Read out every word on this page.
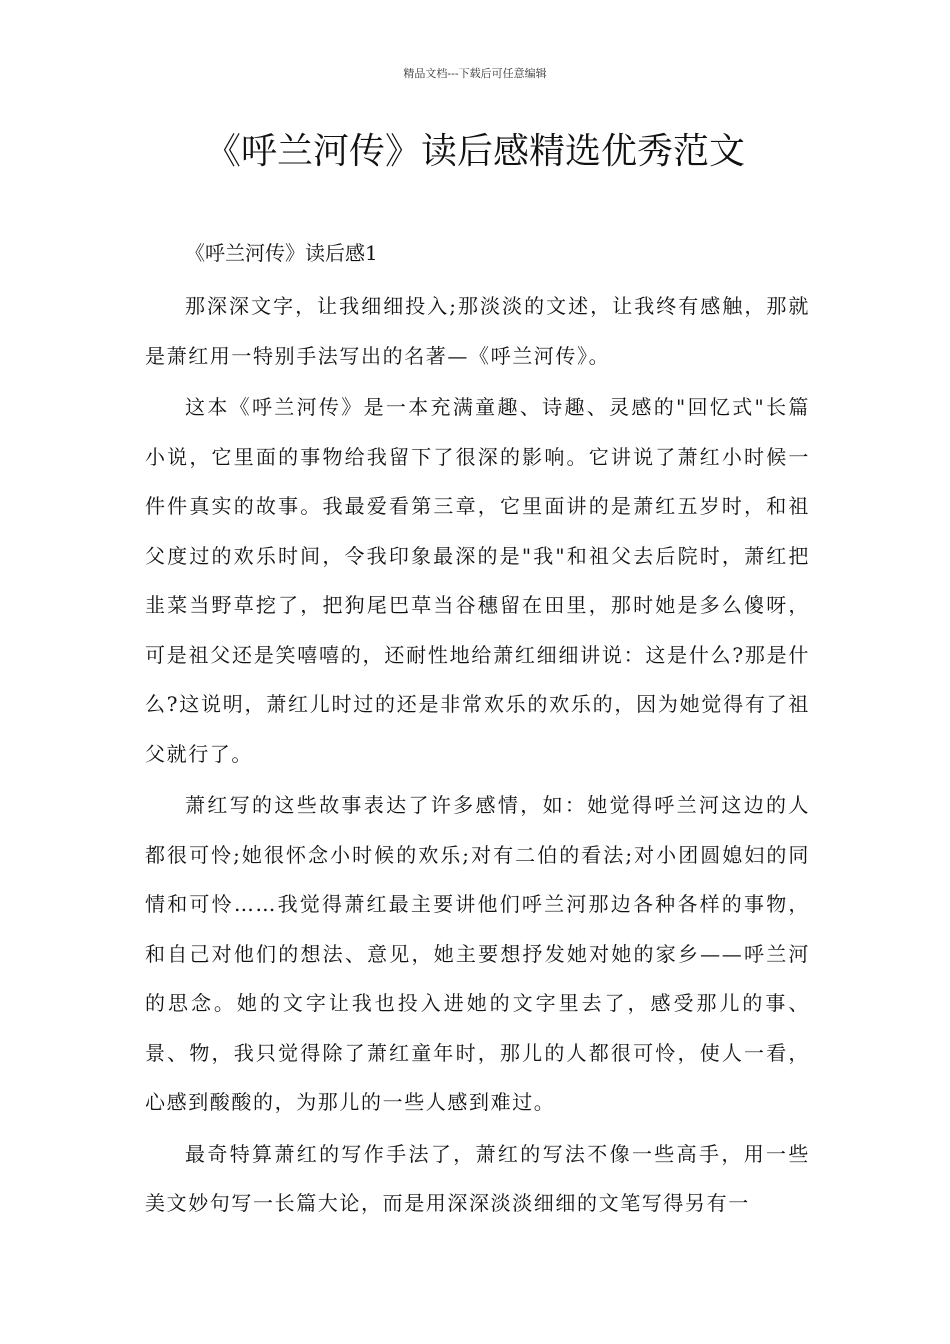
精品文档---下载后可任意编辑
《呼兰河传》读后感精选优秀范文

《呼兰河传》读后感1

那深深文字，让我细细投入;那淡淡的文述，让我终有感触，那就是萧红用一特别手法写出的名著—《呼兰河传》。

这本《呼兰河传》是一本充满童趣、诗趣、灵感的"回忆式"长篇小说，它里面的事物给我留下了很深的影响。它讲说了萧红小时候一件件真实的故事。我最爱看第三章，它里面讲的是萧红五岁时，和祖父度过的欢乐时间，令我印象最深的是"我"和祖父去后院时，萧红把韭菜当野草挖了，把狗尾巴草当谷穗留在田里，那时她是多么傻呀，可是祖父还是笑嘻嘻的，还耐性地给萧红细细讲说：这是什么?那是什么?这说明，萧红儿时过的还是非常欢乐的欢乐的，因为她觉得有了祖父就行了。

萧红写的这些故事表达了许多感情，如：她觉得呼兰河这边的人都很可怜;她很怀念小时候的欢乐;对有二伯的看法;对小团圆媳妇的同情和可怜……我觉得萧红最主要讲他们呼兰河那边各种各样的事物，和自己对他们的想法、意见，她主要想抒发她对她的家乡——呼兰河的思念。她的文字让我也投入进她的文字里去了，感受那儿的事、景、物，我只觉得除了萧红童年时，那儿的人都很可怜，使人一看，心感到酸酸的，为那儿的一些人感到难过。

最奇特算萧红的写作手法了，萧红的写法不像一些高手，用一些美文妙句写一长篇大论，而是用深深淡淡细细的文笔写得另有一
